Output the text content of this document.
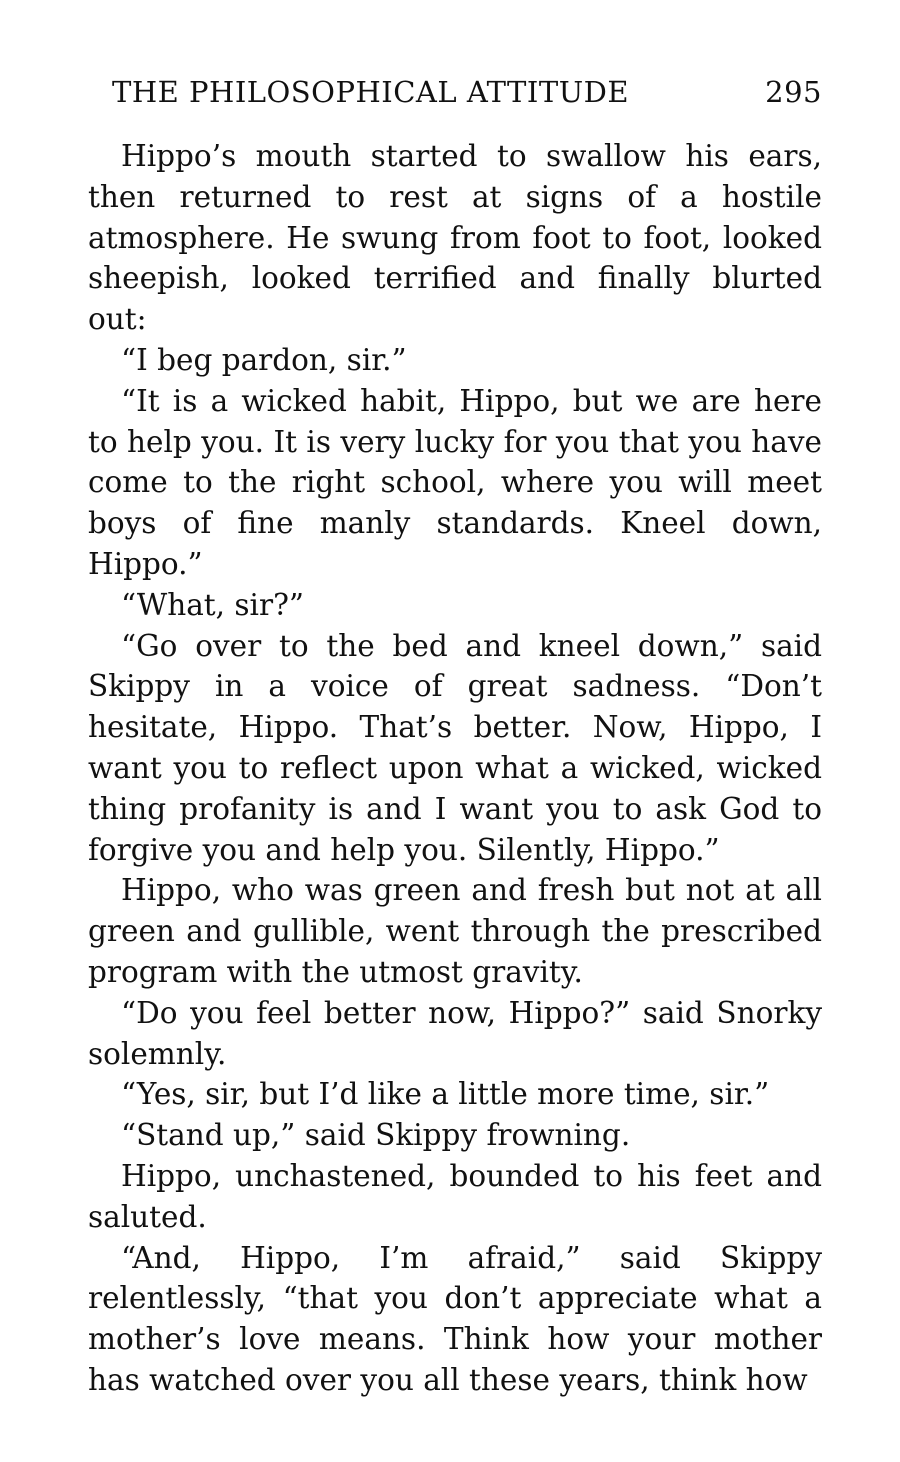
THE PHILOSOPHICAL ATTITUDE	295

Hippo’s mouth started to swallow his ears, then returned to rest at signs of a hostile atmosphere. He swung from foot to foot, looked sheepish, looked terrified and finally blurted out:

“I beg pardon, sir.”

“It is a wicked habit, Hippo, but we are here to help you. It is very lucky for you that you have come to the right school, where you will meet boys of fine manly standards. Kneel down, Hippo.”

“What, sir?”

“Go over to the bed and kneel down,” said Skippy in a voice of great sadness. “Don’t hesitate, Hippo. That’s better. Now, Hippo, I want you to reflect upon what a wicked, wicked thing profanity is and I want you to ask God to forgive you and help you. Silently, Hippo.”

Hippo, who was green and fresh but not at all green and gullible, went through the prescribed program with the utmost gravity.

“Do you feel better now, Hippo?” said Snorky solemnly.

“Yes, sir, but I’d like a little more time, sir.”

“Stand up,” said Skippy frowning.

Hippo, unchastened, bounded to his feet and saluted.

“And, Hippo, I’m afraid,” said Skippy relentlessly, “that you don’t appreciate what a mother’s love means. Think how your mother has watched over you all these years, think how
